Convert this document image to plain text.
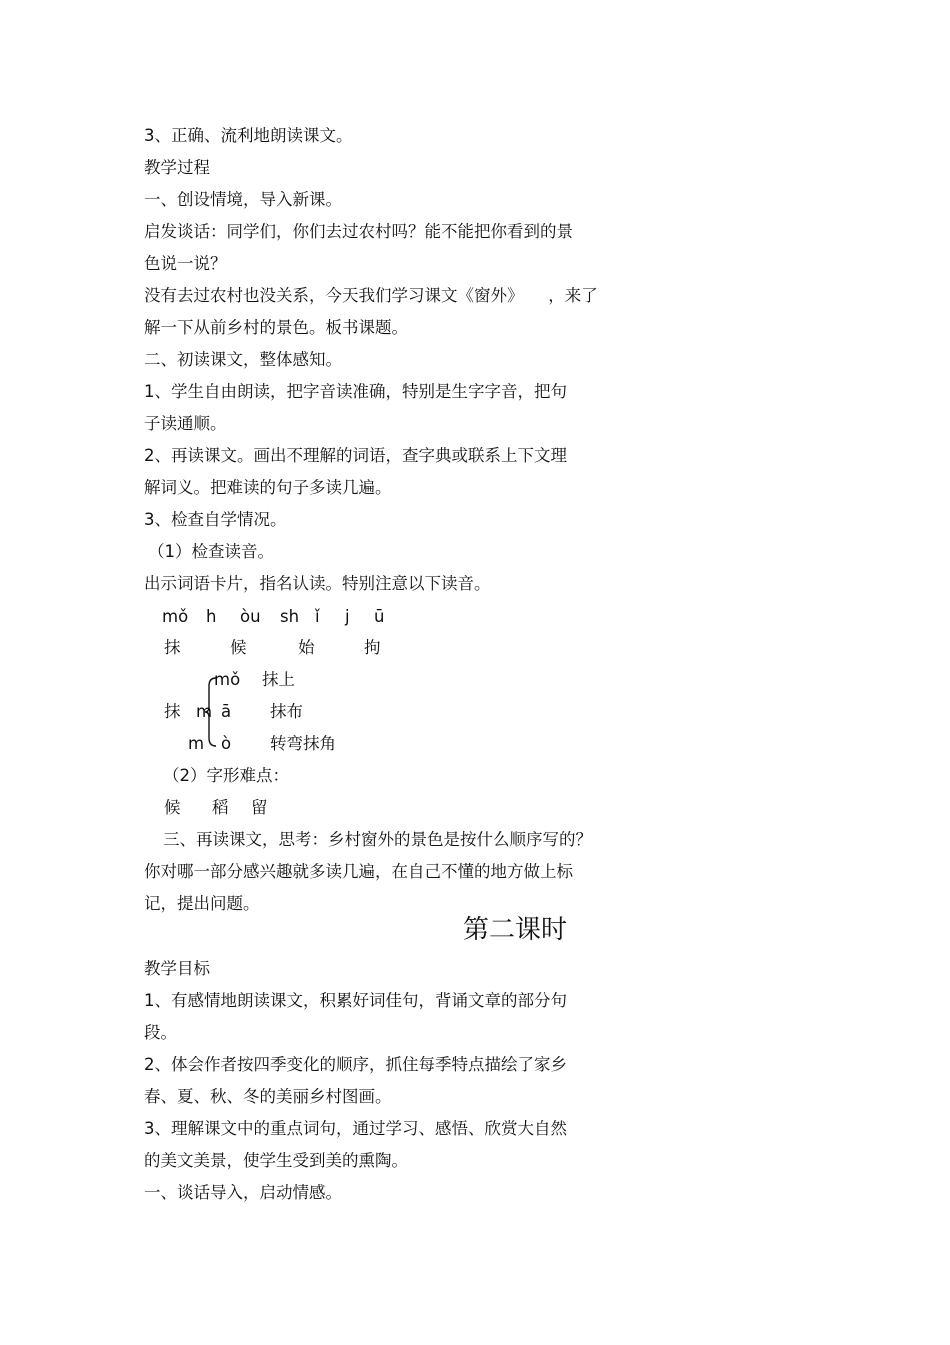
3、正确、流利地朗读课文。
教学过程
一、创设情境，导入新课。
启发谈话：同学们，你们去过农村吗？能不能把你看到的景
色说一说？
没有去过农村也没关系，今天我们学习课文《窗外》　　，来了
解一下从前乡村的景色。板书课题。
二、初读课文，整体感知。
1、学生自由朗读，把字音读准确，特别是生字字音，把句
子读通顺。
2、再读课文。画出不理解的词语，查字典或联系上下文理
解词义。把难读的句子多读几遍。
3、检查自学情况。
（1）检查读音。
出示词语卡片，指名认读。特别注意以下读音。
mǒ h òu sh ǐ j ū
抹	候	始	拘
抹 m
mǒ 抹上
ā 抹布
m ò 转弯抹角
（2）字形难点：
候 稻 留
三、再读课文，思考：乡村窗外的景色是按什么顺序写的？
你对哪一部分感兴趣就多读几遍，在自己不懂的地方做上标
记，提出问题。
第二课时
教学目标
1、有感情地朗读课文，积累好词佳句，背诵文章的部分句
段。
2、体会作者按四季变化的顺序，抓住每季特点描绘了家乡
春、夏、秋、冬的美丽乡村图画。
3、理解课文中的重点词句，通过学习、感悟、欣赏大自然
的美文美景，使学生受到美的熏陶。
一、谈话导入，启动情感。
